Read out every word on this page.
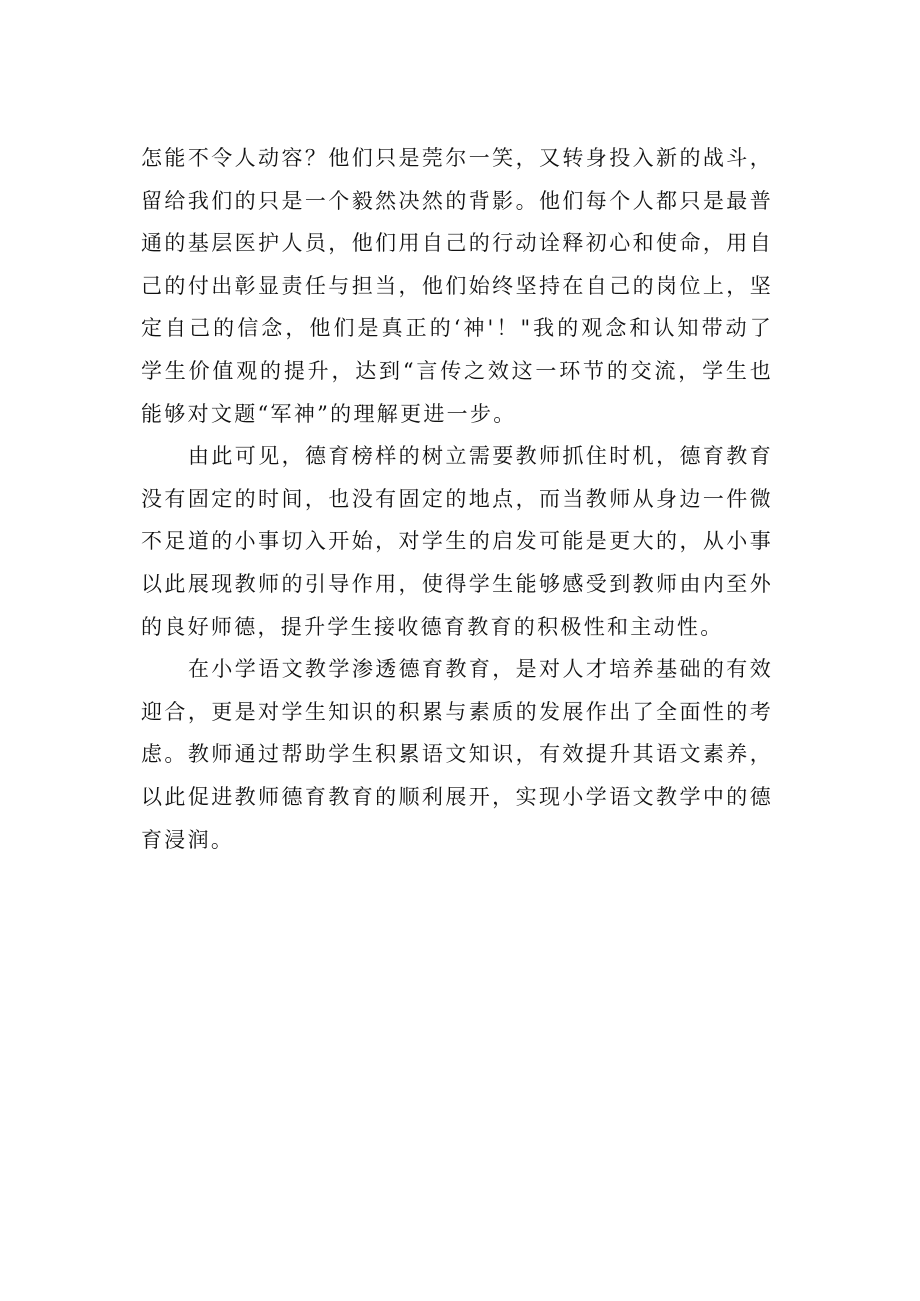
怎能不令人动容？他们只是莞尔一笑，又转身投入新的战斗，留给我们的只是一个毅然决然的背影。他们每个人都只是最普通的基层医护人员，他们用自己的行动诠释初心和使命，用自己的付出彰显责任与担当，他们始终坚持在自己的岗位上，坚定自己的信念，他们是真正的‘神'！"我的观念和认知带动了学生价值观的提升，达到“言传之效这一环节的交流，学生也能够对文题“军神”的理解更进一步。

由此可见，德育榜样的树立需要教师抓住时机，德育教育没有固定的时间，也没有固定的地点，而当教师从身边一件微不足道的小事切入开始，对学生的启发可能是更大的，从小事以此展现教师的引导作用，使得学生能够感受到教师由内至外的良好师德，提升学生接收德育教育的积极性和主动性。

在小学语文教学渗透德育教育，是对人才培养基础的有效迎合，更是对学生知识的积累与素质的发展作出了全面性的考虑。教师通过帮助学生积累语文知识，有效提升其语文素养，以此促进教师德育教育的顺利展开，实现小学语文教学中的德育浸润。
